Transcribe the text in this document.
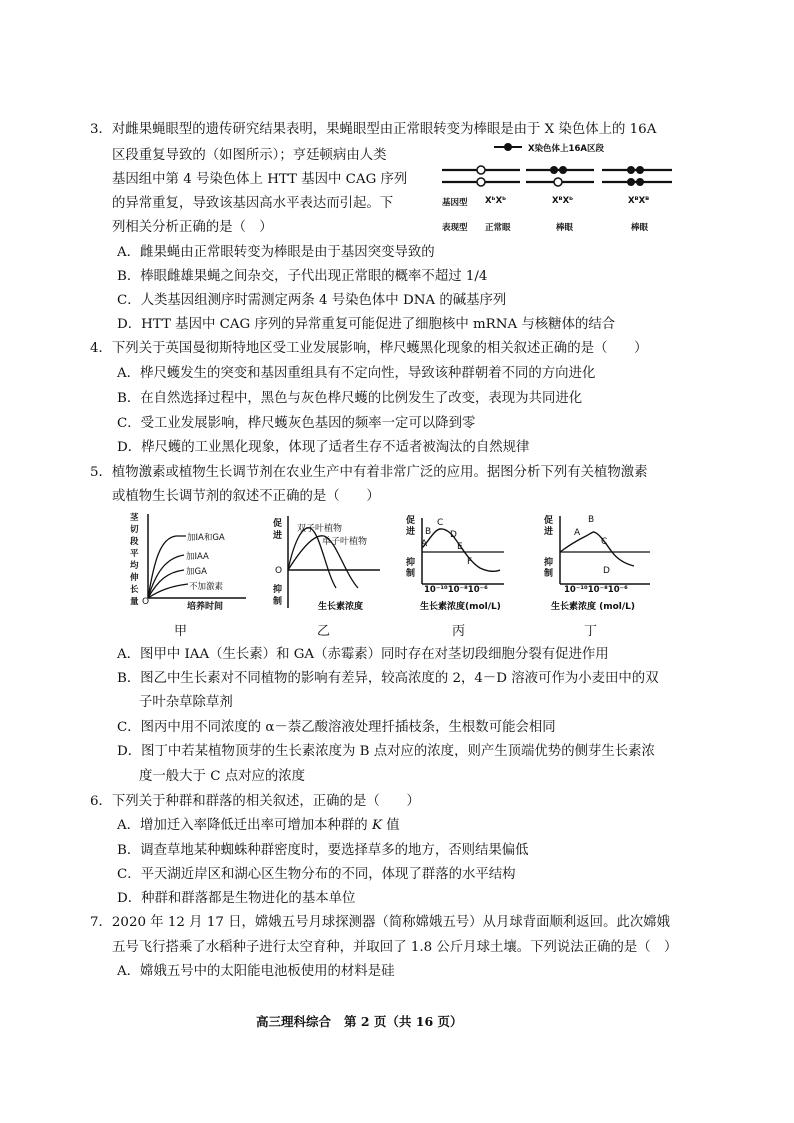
3．对雌果蝇眼型的遗传研究结果表明，果蝇眼型由正常眼转变为棒眼是由于 X 染色体上的 16A
区段重复导致的（如图所示）；亨廷顿病由人类
基因组中第 4 号染色体上 HTT 基因中 CAG 序列
的异常重复，导致该基因高水平表达而引起。下
列相关分析正确的是（　）
X染色体上16A区段
基因型 XᵇXᵇ	XᴮXᵇ	XᴮXᴮ
表现型 正常眼	棒眼	棒眼
A．雌果蝇由正常眼转变为棒眼是由于基因突变导致的
B．棒眼雌雄果蝇之间杂交，子代出现正常眼的概率不超过 1/4
C．人类基因组测序时需测定两条 4 号染色体中 DNA 的碱基序列
D．HTT 基因中 CAG 序列的异常重复可能促进了细胞核中 mRNA 与核糖体的结合
4．下列关于英国曼彻斯特地区受工业发展影响，桦尺蠖黑化现象的相关叙述正确的是（　　）
A．桦尺蠖发生的突变和基因重组具有不定向性，导致该种群朝着不同的方向进化
B．在自然选择过程中，黑色与灰色桦尺蠖的比例发生了改变，表现为共同进化
C．受工业发展影响，桦尺蠖灰色基因的频率一定可以降到零
D．桦尺蠖的工业黑化现象，体现了适者生存不适者被淘汰的自然规律
5．植物激素或植物生长调节剂在农业生产中有着非常广泛的应用。据图分析下列有关植物激素
或植物生长调节剂的叙述不正确的是（　　）
茎切段平均伸长量
加IA和GA
加IAA
加GA
不加激素
O	培养时间
甲
促进
O
抑制
双子叶植物
单子叶植物
生长素浓度
乙
促进
抑制
A
B
C
D
E
F
10⁻¹⁰10⁻⁸10⁻⁶
生长素浓度(mol/L)
丙
促进
抑制
A
B
C
D
10⁻¹⁰10⁻⁸10⁻⁶
生长素浓度 (mol/L)
丁
A．图甲中 IAA（生长素）和 GA（赤霉素）同时存在对茎切段细胞分裂有促进作用
B．图乙中生长素对不同植物的影响有差异，较高浓度的 2，4－D 溶液可作为小麦田中的双
子叶杂草除草剂
C．图丙中用不同浓度的 α－萘乙酸溶液处理扦插枝条，生根数可能会相同
D．图丁中若某植物顶芽的生长素浓度为 B 点对应的浓度，则产生顶端优势的侧芽生长素浓
度一般大于 C 点对应的浓度
6．下列关于种群和群落的相关叙述，正确的是（　　）
A．增加迁入率降低迁出率可增加本种群的 K 值
B．调查草地某种蜘蛛种群密度时，要选择草多的地方，否则结果偏低
C．平天湖近岸区和湖心区生物分布的不同，体现了群落的水平结构
D．种群和群落都是生物进化的基本单位
7．2020 年 12 月 17 日，嫦娥五号月球探测器（简称嫦娥五号）从月球背面顺利返回。此次嫦娥
五号飞行搭乘了水稻种子进行太空育种，并取回了 1.8 公斤月球土壤。下列说法正确的是（　）
A．嫦娥五号中的太阳能电池板使用的材料是硅
高三理科综合 第 2 页（共 16 页）
